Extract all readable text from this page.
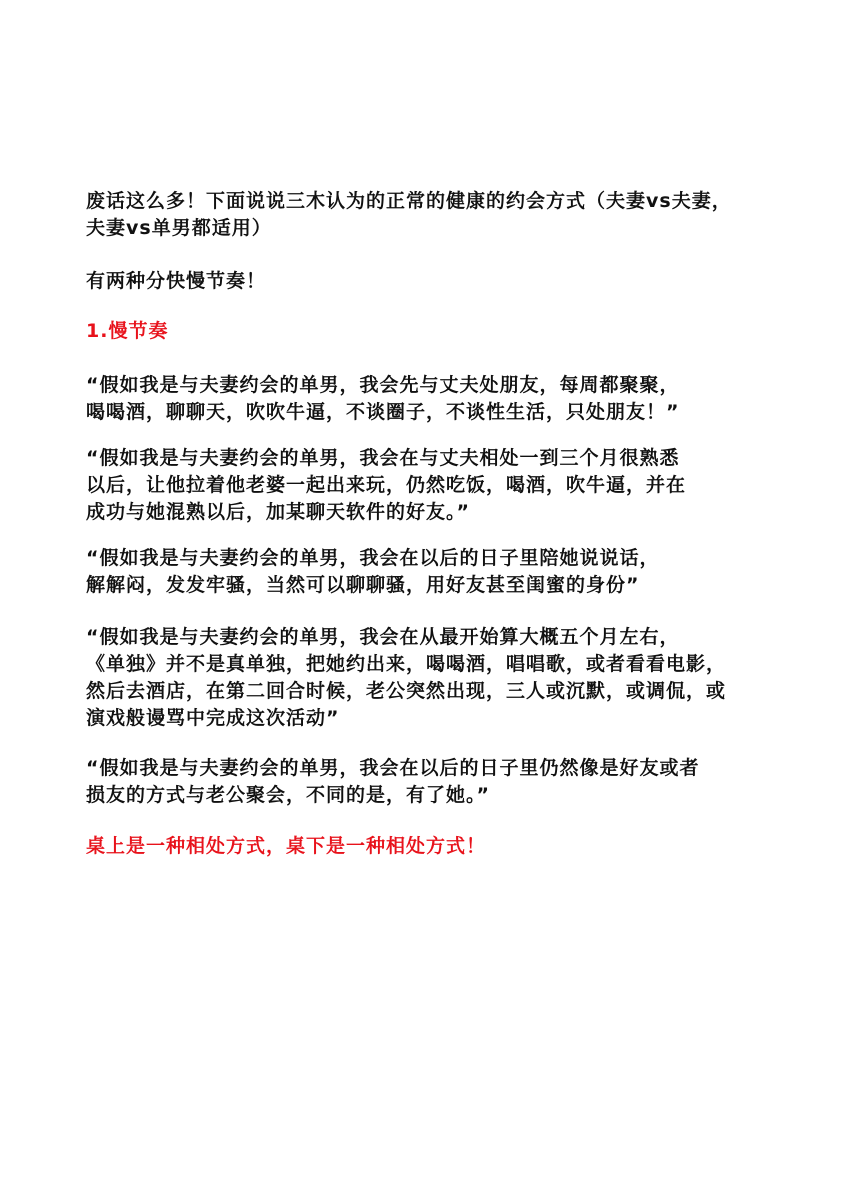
废话这么多！下面说说三木认为的正常的健康的约会方式（夫妻vs夫妻，
夫妻vs单男都适用）
有两种分快慢节奏！
1.慢节奏
“假如我是与夫妻约会的单男，我会先与丈夫处朋友，每周都聚聚，
喝喝酒，聊聊天，吹吹牛逼，不谈圈子，不谈性生活，只处朋友！”
“假如我是与夫妻约会的单男，我会在与丈夫相处一到三个月很熟悉
以后，让他拉着他老婆一起出来玩，仍然吃饭，喝酒，吹牛逼，并在
成功与她混熟以后，加某聊天软件的好友。”
“假如我是与夫妻约会的单男，我会在以后的日子里陪她说说话，
解解闷，发发牢骚，当然可以聊聊骚，用好友甚至闺蜜的身份”
“假如我是与夫妻约会的单男，我会在从最开始算大概五个月左右，
《单独》并不是真单独，把她约出来，喝喝酒，唱唱歌，或者看看电影，
然后去酒店，在第二回合时候，老公突然出现，三人或沉默，或调侃，或
演戏般谩骂中完成这次活动”
“假如我是与夫妻约会的单男，我会在以后的日子里仍然像是好友或者
损友的方式与老公聚会，不同的是，有了她。”
桌上是一种相处方式，桌下是一种相处方式！
